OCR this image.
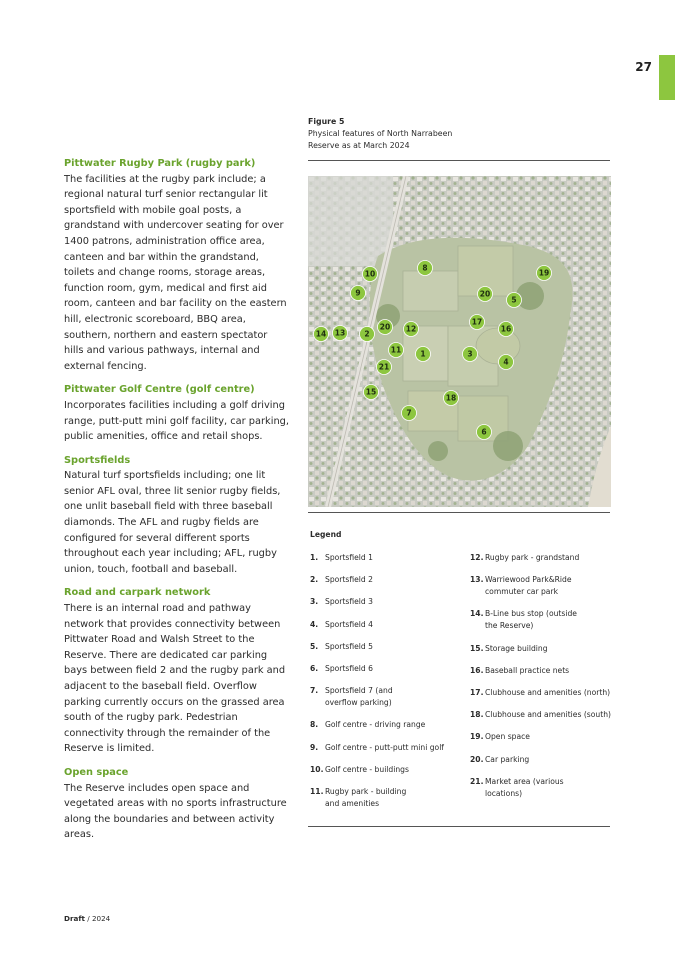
27
Pittwater Rugby Park (rugby park)

The facilities at the rugby park include; a regional natural turf senior rectangular lit sportsfield with mobile goal posts, a grandstand with undercover seating for over 1400 patrons, administration office area, canteen and bar within the grandstand, toilets and change rooms, storage areas, function room, gym, medical and first aid room, canteen and bar facility on the eastern hill, electronic scoreboard, BBQ area, southern, northern and eastern spectator hills and various pathways, internal and external fencing.

Pittwater Golf Centre (golf centre)

Incorporates facilities including a golf driving range, putt-putt mini golf facility, car parking, public amenities, office and retail shops.

Sportsfields

Natural turf sportsfields including; one lit senior AFL oval, three lit senior rugby fields, one unlit baseball field with three baseball diamonds. The AFL and rugby fields are configured for several different sports throughout each year including; AFL, rugby union, touch, football and baseball.

Road and carpark network

There is an internal road and pathway network that provides connectivity between Pittwater Road and Walsh Street to the Reserve. There are dedicated car parking bays between field 2 and the rugby park and adjacent to the baseball field. Overflow parking currently occurs on the grassed area south of the rugby park. Pedestrian connectivity through the remainder of the Reserve is limited.

Open space

The Reserve includes open space and vegetated areas with no sports infrastructure along the boundaries and between activity areas.

Figure 5
Physical features of North Narrabeen Reserve as at March 2024
8
10	19
9	20
5
17
16
14 13	2
20 12
11	1	3
4
21
15
18
7
6
Legend
1. Sportsfield 1
2. Sportsfield 2
3. Sportsfield 3
4. Sportsfield 4
5. Sportsfield 5
6. Sportsfield 6
7. Sportsfield 7 (and overflow parking)
8. Golf centre - driving range
9. Golf centre - putt-putt mini golf
10. Golf centre - buildings
11. Rugby park - building and amenities
12. Rugby park - grandstand
13. Warriewood Park&Ride commuter car park
14. B-Line bus stop (outside the Reserve)
15. Storage building
16. Baseball practice nets
17. Clubhouse and amenities (north)
18. Clubhouse and amenities (south)
19. Open space
20. Car parking
21. Market area (various locations)
Draft / 2024
